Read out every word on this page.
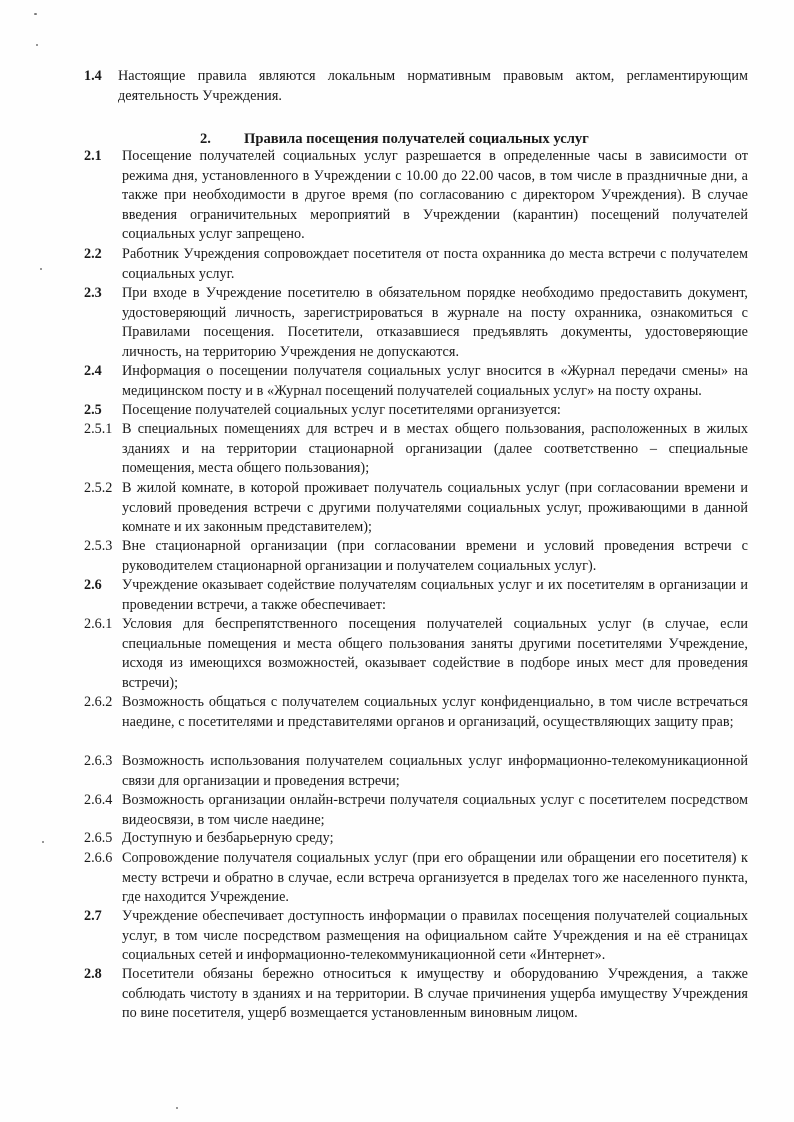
1.4 Настоящие правила являются локальным нормативным правовым актом, регламентирующим деятельность Учреждения.
2. Правила посещения получателей социальных услуг
2.1 Посещение получателей социальных услуг разрешается в определенные часы в зависимости от режима дня, установленного в Учреждении с 10.00 до 22.00 часов, в том числе в праздничные дни, а также при необходимости в другое время (по согласованию с директором Учреждения). В случае введения ограничительных мероприятий в Учреждении (карантин) посещений получателей социальных услуг запрещено.
2.2 Работник Учреждения сопровождает посетителя от поста охранника до места встречи с получателем социальных услуг.
2.3 При входе в Учреждение посетителю в обязательном порядке необходимо предоставить документ, удостоверяющий личность, зарегистрироваться в журнале на посту охранника, ознакомиться с Правилами посещения. Посетители, отказавшиеся предъявлять документы, удостоверяющие личность, на территорию Учреждения не допускаются.
2.4 Информация о посещении получателя социальных услуг вносится в «Журнал передачи смены» на медицинском посту и в «Журнал посещений получателей социальных услуг» на посту охраны.
2.5 Посещение получателей социальных услуг посетителями организуется:
2.5.1 В специальных помещениях для встреч и в местах общего пользования, расположенных в жилых зданиях и на территории стационарной организации (далее соответственно – специальные помещения, места общего пользования);
2.5.2 В жилой комнате, в которой проживает получатель социальных услуг (при согласовании времени и условий проведения встречи с другими получателями социальных услуг, проживающими в данной комнате и их законным представителем);
2.5.3 Вне стационарной организации (при согласовании времени и условий проведения встречи с руководителем стационарной организации и получателем социальных услуг).
2.6 Учреждение оказывает содействие получателям социальных услуг и их посетителям в организации и проведении встречи, а также обеспечивает:
2.6.1 Условия для беспрепятственного посещения получателей социальных услуг (в случае, если специальные помещения и места общего пользования заняты другими посетителями Учреждение, исходя из имеющихся возможностей, оказывает содействие в подборе иных мест для проведения встречи);
2.6.2 Возможность общаться с получателем социальных услуг конфиденциально, в том числе встречаться наедине, с посетителями и представителями органов и организаций, осуществляющих защиту прав;
2.6.3 Возможность использования получателем социальных услуг информационно-телекомуникационной связи для организации и проведения встречи;
2.6.4 Возможность организации онлайн-встречи получателя социальных услуг с посетителем посредством видеосвязи, в том числе наедине;
2.6.5 Доступную и безбарьерную среду;
2.6.6 Сопровождение получателя социальных услуг (при его обращении или обращении его посетителя) к месту встречи и обратно в случае, если встреча организуется в пределах того же населенного пункта, где находится Учреждение.
2.7 Учреждение обеспечивает доступность информации о правилах посещения получателей социальных услуг, в том числе посредством размещения на официальном сайте Учреждения и на её страницах социальных сетей и информационно-телекоммуникационной сети «Интернет».
2.8 Посетители обязаны бережно относиться к имуществу и оборудованию Учреждения, а также соблюдать чистоту в зданиях и на территории. В случае причинения ущерба имуществу Учреждения по вине посетителя, ущерб возмещается установленным виновным лицом.
